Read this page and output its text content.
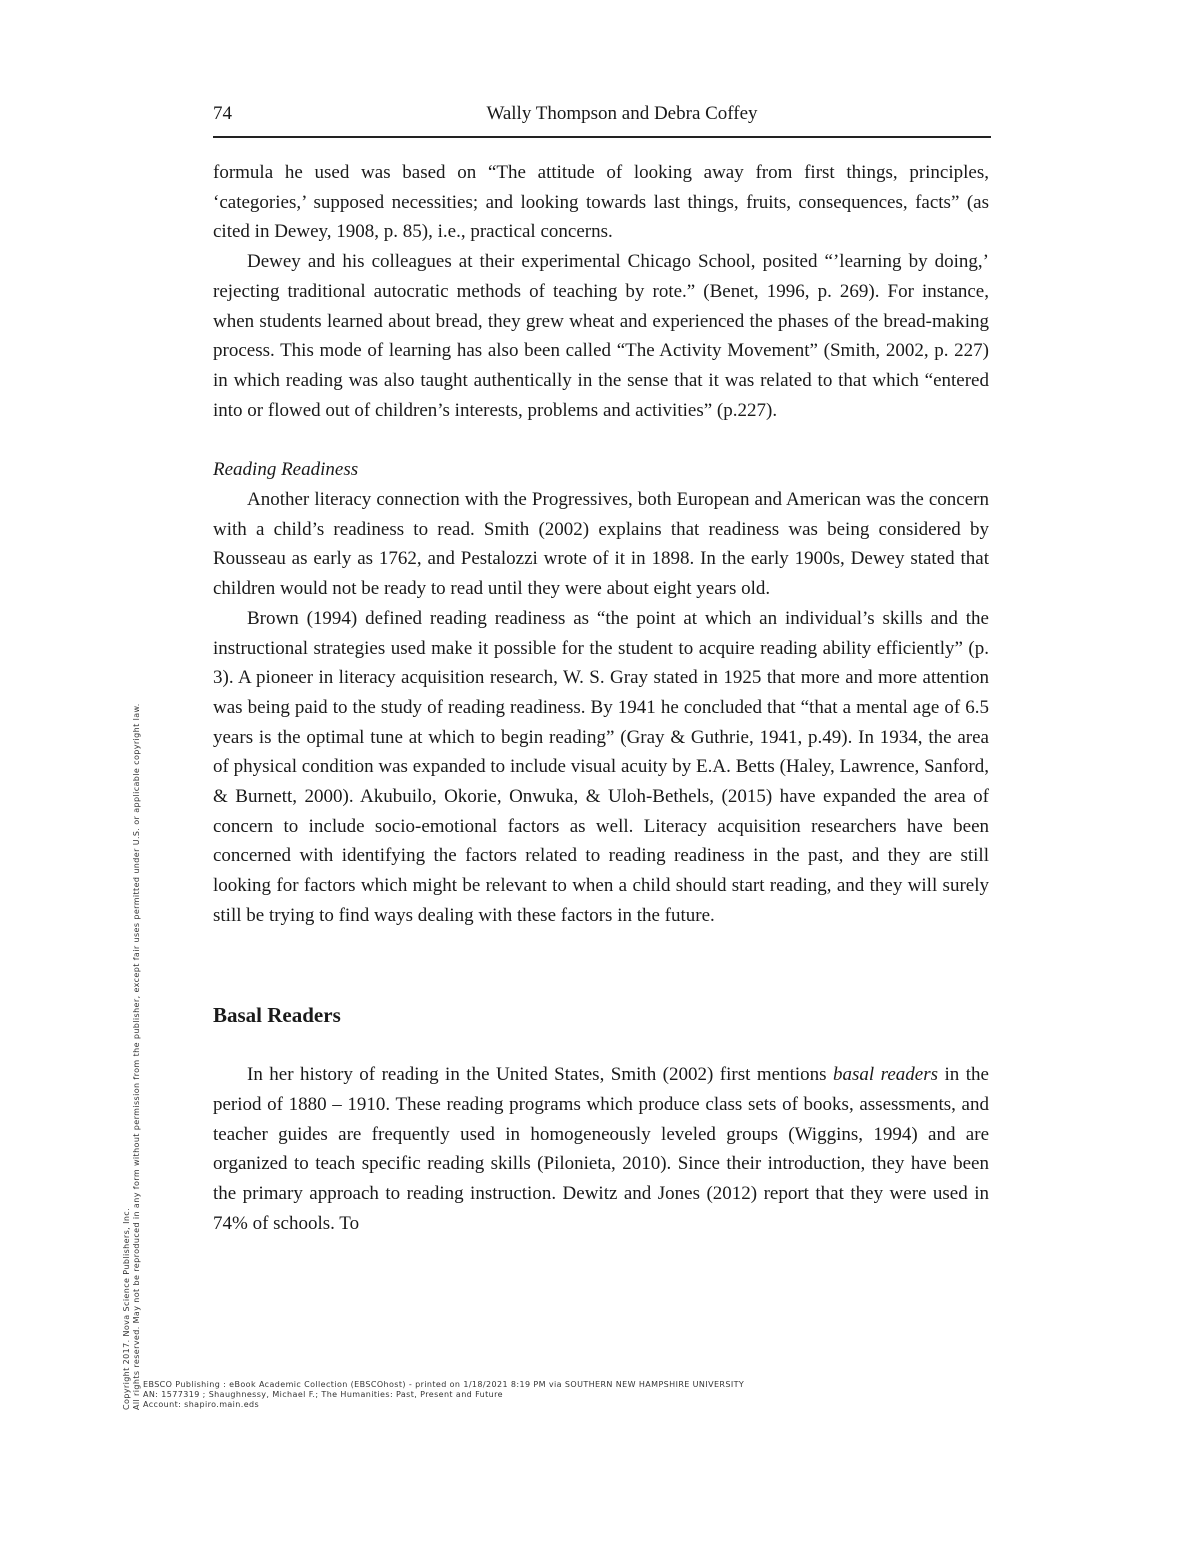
74	Wally Thompson and Debra Coffey

formula he used was based on “The attitude of looking away from first things, principles, ‘categories,’ supposed necessities; and looking towards last things, fruits, consequences, facts” (as cited in Dewey, 1908, p. 85), i.e., practical concerns.

Dewey and his colleagues at their experimental Chicago School, posited “’learning by doing,’ rejecting traditional autocratic methods of teaching by rote.” (Benet, 1996, p. 269). For instance, when students learned about bread, they grew wheat and experienced the phases of the bread-making process. This mode of learning has also been called “The Activity Movement” (Smith, 2002, p. 227) in which reading was also taught authentically in the sense that it was related to that which “entered into or flowed out of children’s interests, problems and activities” (p.227).

Reading Readiness

Another literacy connection with the Progressives, both European and American was the concern with a child’s readiness to read. Smith (2002) explains that readiness was being considered by Rousseau as early as 1762, and Pestalozzi wrote of it in 1898. In the early 1900s, Dewey stated that children would not be ready to read until they were about eight years old.

Brown (1994) defined reading readiness as “the point at which an individual’s skills and the instructional strategies used make it possible for the student to acquire reading ability efficiently” (p. 3). A pioneer in literacy acquisition research, W. S. Gray stated in 1925 that more and more attention was being paid to the study of reading readiness. By 1941 he concluded that “that a mental age of 6.5 years is the optimal tune at which to begin reading” (Gray & Guthrie, 1941, p.49). In 1934, the area of physical condition was expanded to include visual acuity by E.A. Betts (Haley, Lawrence, Sanford, & Burnett, 2000). Akubuilo, Okorie, Onwuka, & Uloh-Bethels, (2015) have expanded the area of concern to include socio-emotional factors as well. Literacy acquisition researchers have been concerned with identifying the factors related to reading readiness in the past, and they are still looking for factors which might be relevant to when a child should start reading, and they will surely still be trying to find ways dealing with these factors in the future.

Basal Readers

In her history of reading in the United States, Smith (2002) first mentions basal readers in the period of 1880 – 1910. These reading programs which produce class sets of books, assessments, and teacher guides are frequently used in homogeneously leveled groups (Wiggins, 1994) and are organized to teach specific reading skills (Pilonieta, 2010). Since their introduction, they have been the primary approach to reading instruction. Dewitz and Jones (2012) report that they were used in 74% of schools. To

Copyright 2017. Nova Science Publishers, Inc. All rights reserved. May not be reproduced in any form without permission from the publisher, except fair uses permitted under U.S. or applicable copyright law. EBSCO Publishing : eBook Academic Collection (EBSCOhost) - printed on 1/18/2021 8:19 PM via SOUTHERN NEW HAMPSHIRE UNIVERSITY
AN: 1577319 ; Shaughnessy, Michael F.; The Humanities: Past, Present and Future
Account: shapiro.main.eds
